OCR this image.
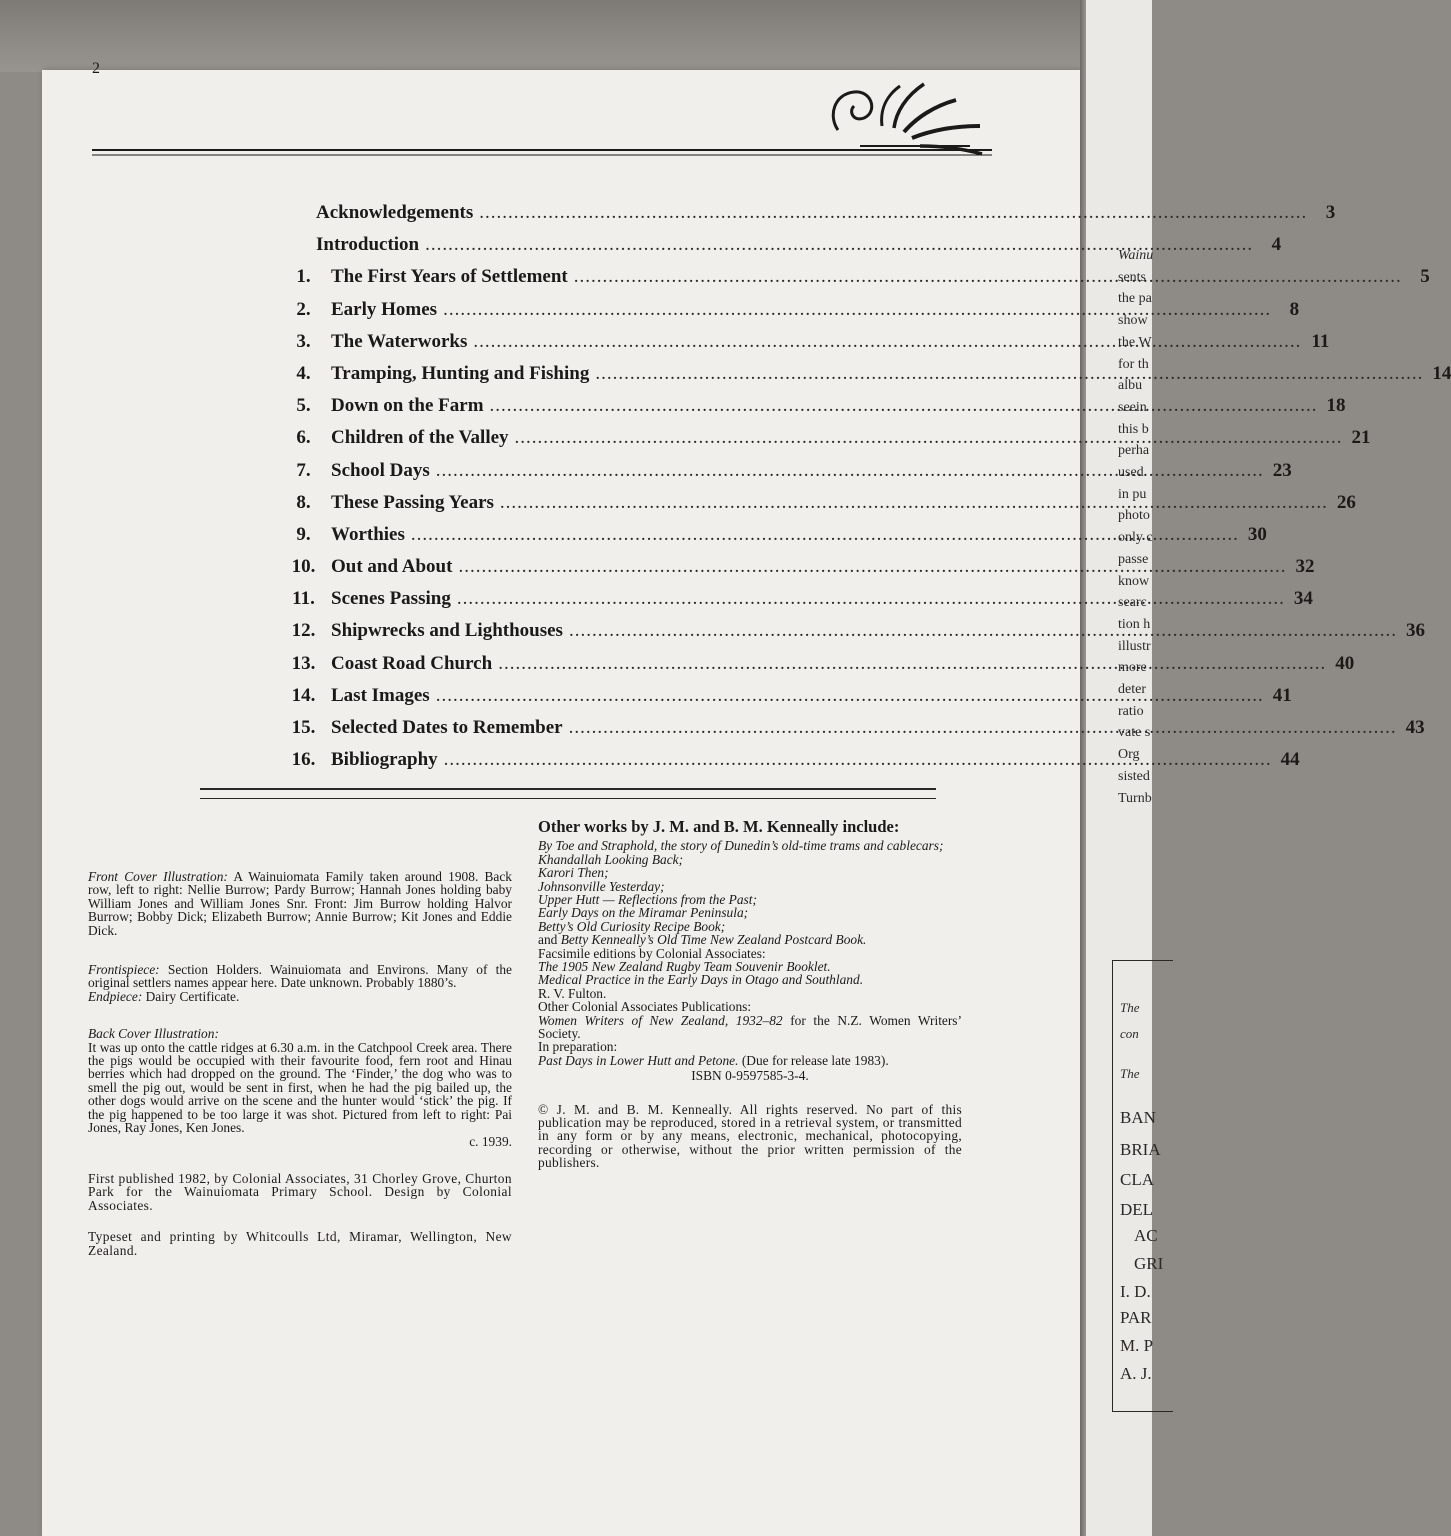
Wainu
sents
the pa
show
the W
for th
albu
seein
this b
perha
used.
in pu
photo
only c
passe
know
searc
tion h
illustr
more
deter
ratio
vate s
Org
sisted
Turnb
The
con
The
BAN
BRIA
CLA
DEL
AC
GRI
I. D.
PAR
M. P
A. J.
2
Acknowledgements .....	3
Introduction .....	4
1.	The First Years of Settlement .....	5
2.	Early Homes .....	8
3.	The Waterworks .....	11
4.	Tramping, Hunting and Fishing .....	14
5.	Down on the Farm .....	18
6.	Children of the Valley .....	21
7.	School Days .....	23
8.	These Passing Years .....	26
9.	Worthies .....	30
10. Out and About .....	32
11. Scenes Passing .....	34
12. Shipwrecks and Lighthouses .....	36
13. Coast Road Church .....	40
14. Last Images .....	41
15. Selected Dates to Remember .....	43
16. Bibliography .....	44

Front Cover Illustration: A Wainuiomata Family taken around 1908. Back row, left to right: Nellie Burrow; Pardy Burrow; Hannah Jones holding baby William Jones and William Jones Snr. Front: Jim Burrow holding Halvor Burrow; Bobby Dick; Elizabeth Burrow; Annie Burrow; Kit Jones and Eddie Dick.

Frontispiece: Section Holders. Wainuiomata and Environs. Many of the original settlers names appear here. Date unknown. Probably 1880’s.

Endpiece: Dairy Certificate.

Back Cover Illustration:

It was up onto the cattle ridges at 6.30 a.m. in the Catchpool Creek area. There the pigs would be occupied with their favourite food, fern root and Hinau berries which had dropped on the ground. The ‘Finder,’ the dog who was to smell the pig out, would be sent in first, when he had the pig bailed up, the other dogs would arrive on the scene and the hunter would ‘stick’ the pig. If the pig happened to be too large it was shot. Pictured from left to right: Pai Jones, Ray Jones, Ken Jones.

c. 1939.

First published 1982, by Colonial Associates, 31 Chorley Grove, Churton Park for the Wainuiomata Primary School. Design by Colonial Associates.

Typeset and printing by Whitcoulls Ltd, Miramar, Wellington, New Zealand.

Other works by J. M. and B. M. Kenneally include:

By Toe and Straphold, the story of Dunedin’s old-time trams and cablecars;

Khandallah Looking Back;

Karori Then;

Johnsonville Yesterday;

Upper Hutt — Reflections from the Past;

Early Days on the Miramar Peninsula;

Betty’s Old Curiosity Recipe Book;

and Betty Kenneally’s Old Time New Zealand Postcard Book.

Facsimile editions by Colonial Associates:

The 1905 New Zealand Rugby Team Souvenir Booklet.

Medical Practice in the Early Days in Otago and Southland.

R. V. Fulton.

Other Colonial Associates Publications:

Women Writers of New Zealand, 1932–82 for the N.Z. Women Writers’ Society.

In preparation:

Past Days in Lower Hutt and Petone. (Due for release late 1983).

ISBN 0-9597585-3-4.

© J. M. and B. M. Kenneally. All rights reserved. No part of this publication may be reproduced, stored in a retrieval system, or transmitted in any form or by any means, electronic, mechanical, photocopying, recording or otherwise, without the prior written permission of the publishers.
